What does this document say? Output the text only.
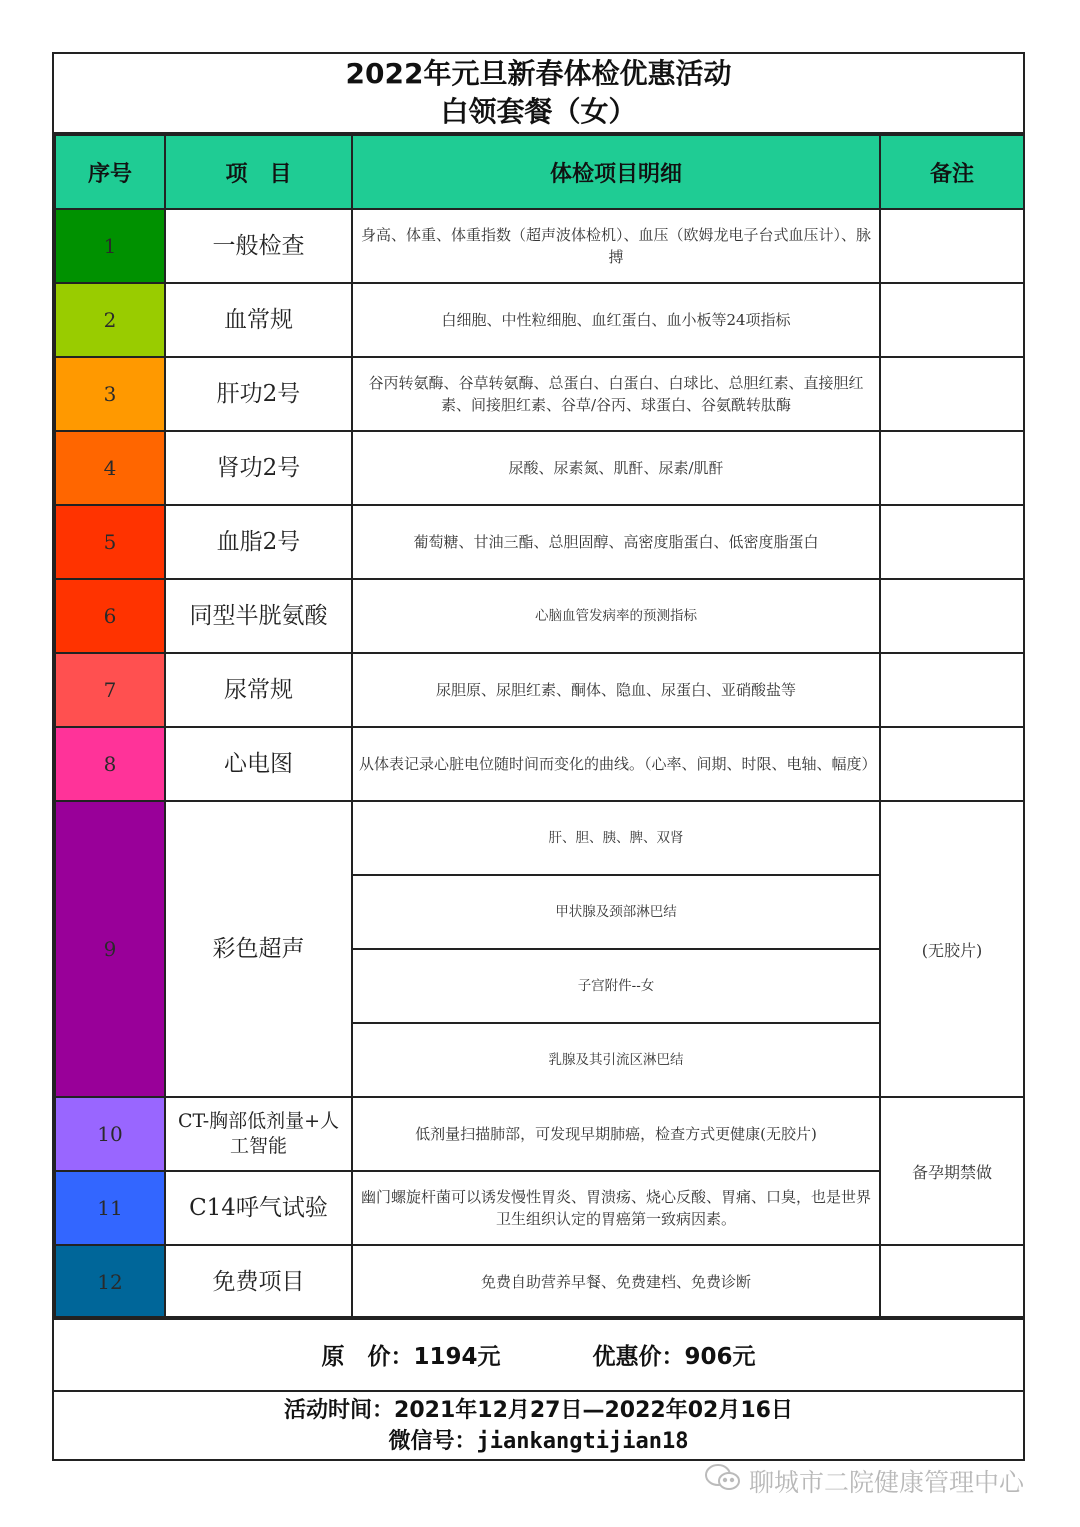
2022年元旦新春体检优惠活动
白领套餐（女）
序号	项　目	体检项目明细	备注
1	一般检查	身高、体重、体重指数（超声波体检机）、血压（欧姆龙电子台式血压计）、脉搏	
2	血常规	白细胞、中性粒细胞、血红蛋白、血小板等24项指标	
3	肝功2号	谷丙转氨酶、谷草转氨酶、总蛋白、白蛋白、白球比、总胆红素、直接胆红素、间接胆红素、谷草/谷丙、球蛋白、谷氨酰转肽酶	
4	肾功2号	尿酸、尿素氮、肌酐、尿素/肌酐	
5	血脂2号	葡萄糖、甘油三酯、总胆固醇、高密度脂蛋白、低密度脂蛋白	
6	同型半胱氨酸	心脑血管发病率的预测指标	
7	尿常规	尿胆原、尿胆红素、酮体、隐血、尿蛋白、亚硝酸盐等	
8	心电图	从体表记录心脏电位随时间而变化的曲线。（心率、间期、时限、电轴、幅度）	
9	彩色超声	肝、胆、胰、脾、双肾	(无胶片)
		甲状腺及颈部淋巴结	
		子宫附件--女	
		乳腺及其引流区淋巴结	
10	CT-胸部低剂量+人工智能	低剂量扫描肺部，可发现早期肺癌，检查方式更健康(无胶片)	备孕期禁做
11	C14呼气试验	幽门螺旋杆菌可以诱发慢性胃炎、胃溃疡、烧心反酸、胃痛、口臭，也是世界卫生组织认定的胃癌第一致病因素。	
12	免费项目	免费自助营养早餐、免费建档、免费诊断	
原　价：1194元	优惠价：906元
活动时间：2021年12月27日—2022年02月16日
微信号：jiankangtijian18
聊城市二院健康管理中心
